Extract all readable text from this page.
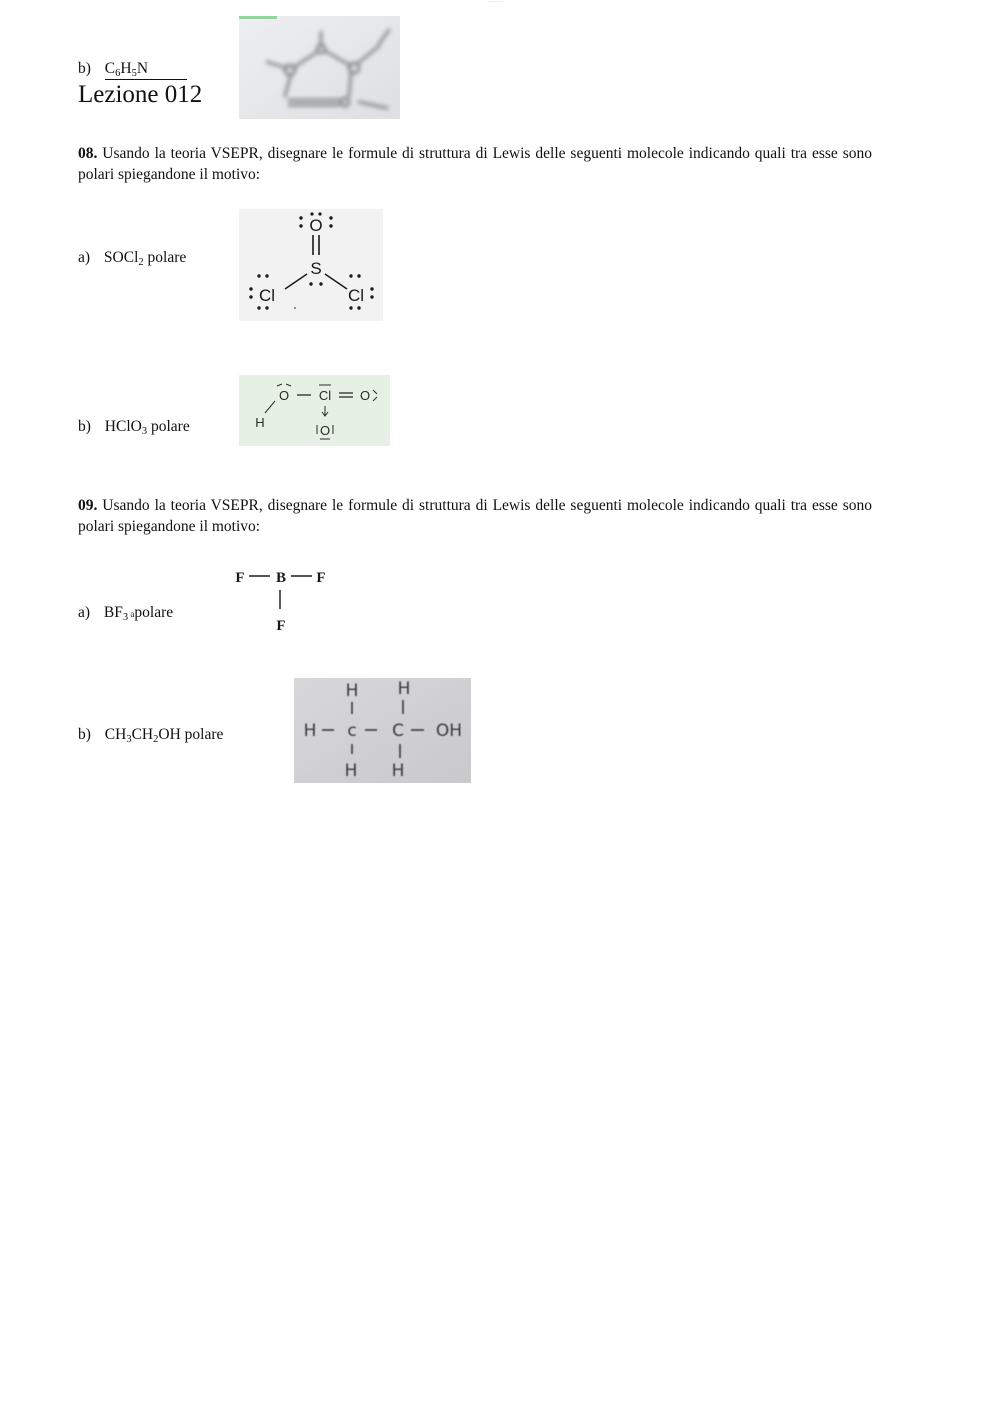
·········
b) $C_6H_5N$
Lezione 012
08. Usando la teoria VSEPR, disegnare le formule di struttura di Lewis delle seguenti molecole indicando quali tra esse sono polari spiegandone il motivo:
a) SOCl$_2$ polare
O
S
Cl	Cl
b) HClO$_3$ polare
O Cl O
H
O
09. Usando la teoria VSEPR, disegnare le formule di struttura di Lewis delle seguenti molecole indicando quali tra esse sono polari spiegandone il motivo:
a) $BF_3$ apolare
F B F
F
b) $CH_3CH_2OH$ polare
H H
H c C OH
H H
